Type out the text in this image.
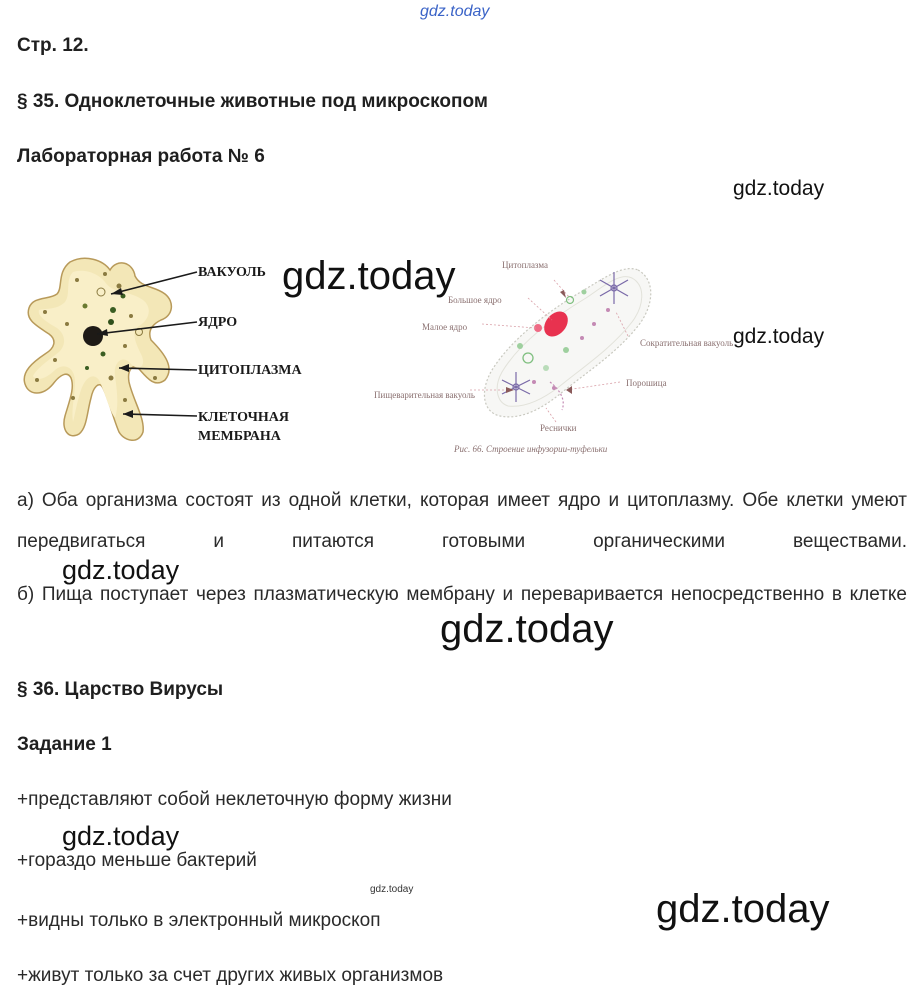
gdz.today
gdz.today
gdz.today
Стр. 12.
§ 35. Одноклеточные животные под микроскопом
Лабораторная работа № 6
ВАКУОЛЬ
ЯДРО
ЦИТОПЛАЗМА
КЛЕТОЧНАЯ
МЕМБРАНА
Цитоплазма
Большое ядро
Малое ядро
Сократительная вакуоль
Пищеварительная вакуоль
Порошица
Реснички
Рис. 66. Строение инфузории-туфельки
gdz.today
а) Оба организма состоят из одной клетки, которая имеет ядро и цитоплазму. Обе клетки умеют передвигаться и питаются готовыми органическими веществами.
gdz.today
б) Пища поступает через плазматическую мембрану и переваривается непосредственно в клетке
gdz.today
§ 36. Царство Вирусы
Задание 1
+представляют собой неклеточную форму жизни
gdz.today
+гораздо меньше бактерий
gdz.today
+видны только в электронный микроскоп	gdz.today
+живут только за счет других живых организмов
